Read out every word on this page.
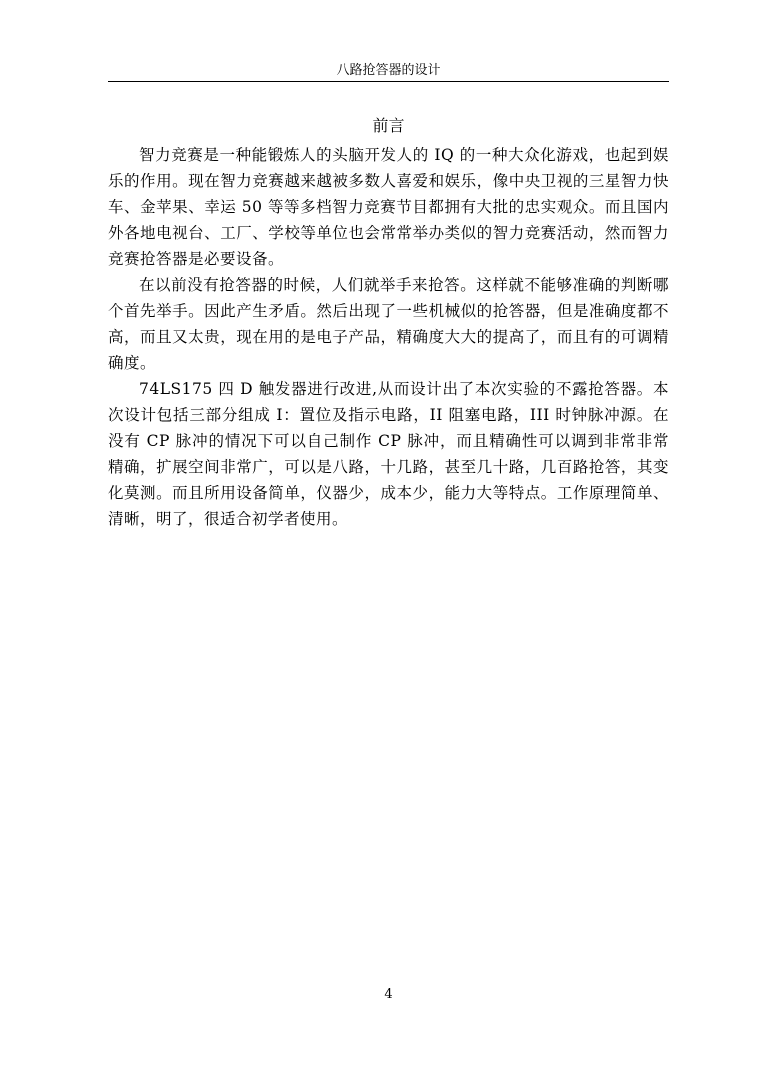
八路抢答器的设计
前言

智力竞赛是一种能锻炼人的头脑开发人的 IQ 的一种大众化游戏，也起到娱乐的作用。现在智力竞赛越来越被多数人喜爱和娱乐，像中央卫视的三星智力快车、金苹果、幸运 50 等等多档智力竞赛节目都拥有大批的忠实观众。而且国内外各地电视台、工厂、学校等单位也会常常举办类似的智力竞赛活动，然而智力竞赛抢答器是必要设备。

在以前没有抢答器的时候，人们就举手来抢答。这样就不能够准确的判断哪个首先举手。因此产生矛盾。然后出现了一些机械似的抢答器，但是准确度都不高，而且又太贵，现在用的是电子产品，精确度大大的提高了，而且有的可调精确度。

74LS175 四 D 触发器进行改进,从而设计出了本次实验的不露抢答器。本次设计包括三部分组成 I：置位及指示电路，II 阻塞电路，III 时钟脉冲源。在没有 CP 脉冲的情况下可以自己制作 CP 脉冲，而且精确性可以调到非常非常精确，扩展空间非常广，可以是八路，十几路，甚至几十路，几百路抢答，其变化莫测。而且所用设备简单，仪器少，成本少，能力大等特点。工作原理简单、清晰，明了，很适合初学者使用。

4
